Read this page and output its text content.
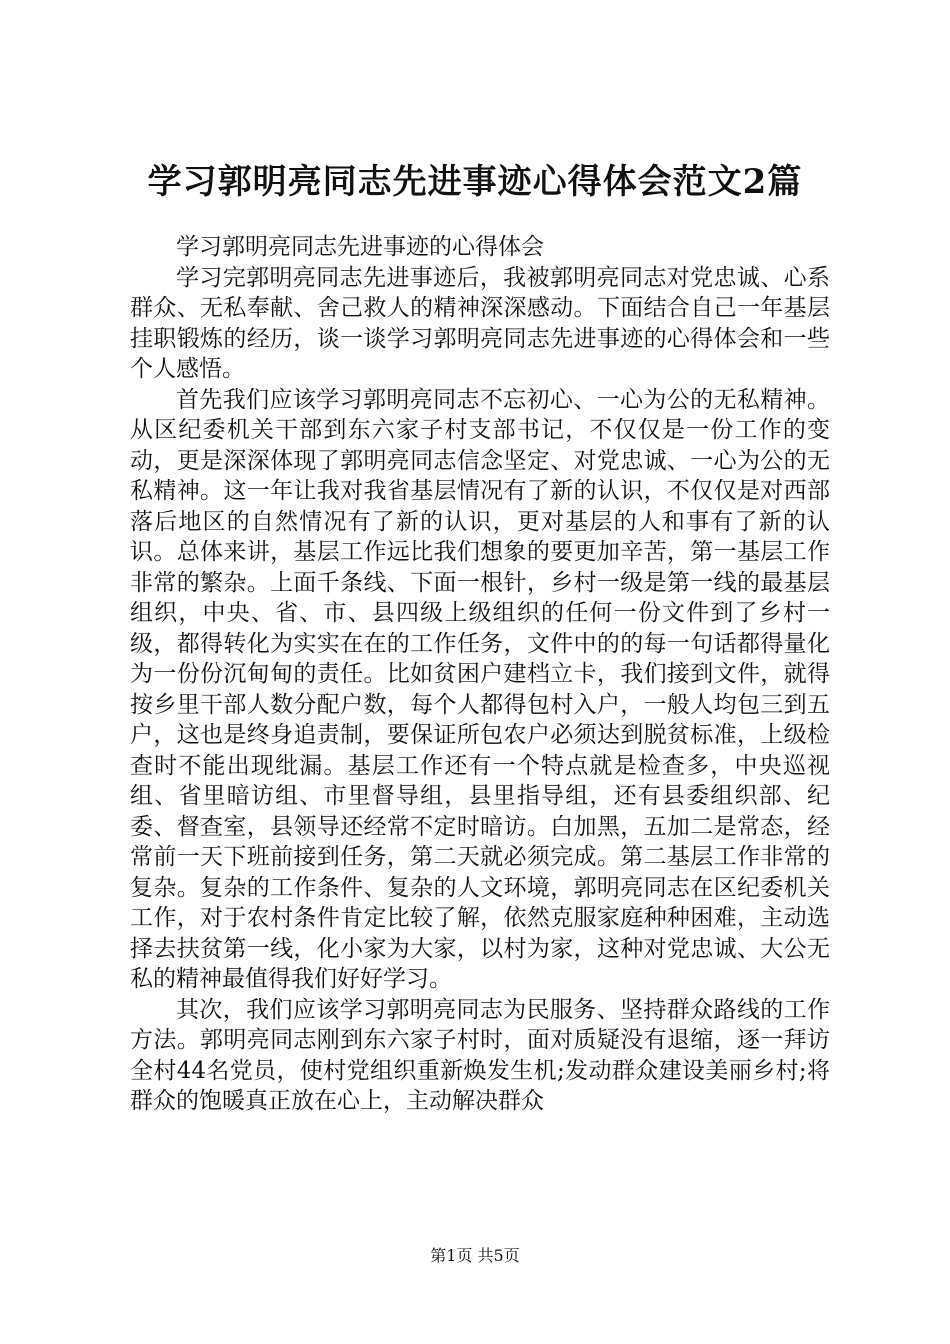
学习郭明亮同志先进事迹心得体会范文2篇

学习郭明亮同志先进事迹的心得体会

学习完郭明亮同志先进事迹后，我被郭明亮同志对党忠诚、心系群众、无私奉献、舍己救人的精神深深感动。下面结合自己一年基层挂职锻炼的经历，谈一谈学习郭明亮同志先进事迹的心得体会和一些个人感悟。

首先我们应该学习郭明亮同志不忘初心、一心为公的无私精神。从区纪委机关干部到东六家子村支部书记，不仅仅是一份工作的变动，更是深深体现了郭明亮同志信念坚定、对党忠诚、一心为公的无私精神。这一年让我对我省基层情况有了新的认识，不仅仅是对西部落后地区的自然情况有了新的认识，更对基层的人和事有了新的认识。总体来讲，基层工作远比我们想象的要更加辛苦，第一基层工作非常的繁杂。上面千条线、下面一根针，乡村一级是第一线的最基层组织，中央、省、市、县四级上级组织的任何一份文件到了乡村一级，都得转化为实实在在的工作任务，文件中的的每一句话都得量化为一份份沉甸甸的责任。比如贫困户建档立卡，我们接到文件，就得按乡里干部人数分配户数，每个人都得包村入户，一般人均包三到五户，这也是终身追责制，要保证所包农户必须达到脱贫标准，上级检查时不能出现纰漏。基层工作还有一个特点就是检查多，中央巡视组、省里暗访组、市里督导组，县里指导组，还有县委组织部、纪委、督查室，县领导还经常不定时暗访。白加黑，五加二是常态，经常前一天下班前接到任务，第二天就必须完成。第二基层工作非常的复杂。复杂的工作条件、复杂的人文环境，郭明亮同志在区纪委机关工作，对于农村条件肯定比较了解，依然克服家庭种种困难，主动选择去扶贫第一线，化小家为大家，以村为家，这种对党忠诚、大公无私的精神最值得我们好好学习。

其次，我们应该学习郭明亮同志为民服务、坚持群众路线的工作方法。郭明亮同志刚到东六家子村时，面对质疑没有退缩，逐一拜访全村44名党员，使村党组织重新焕发生机;发动群众建设美丽乡村;将群众的饱暖真正放在心上，主动解决群众

第1页 共5页
